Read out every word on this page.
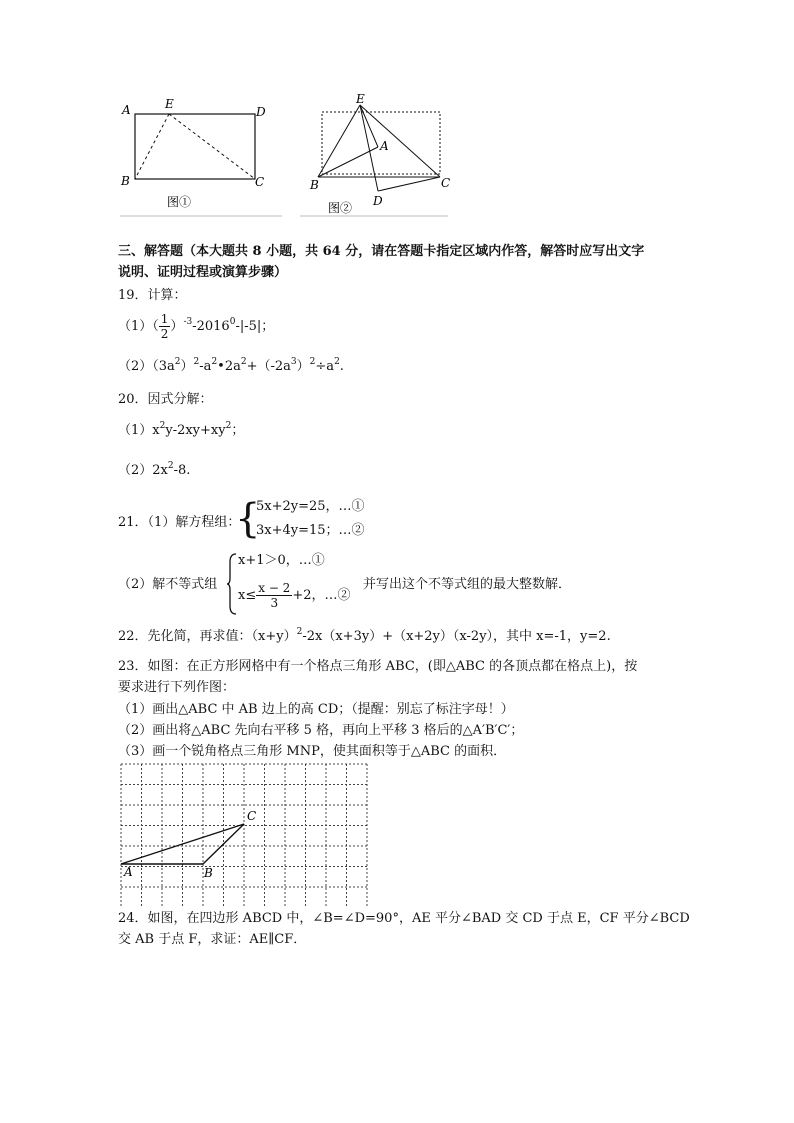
A	E
D
B	C
图①
E
A
B	C
D
图②
三、解答题（本大题共 8 小题，共 64 分，请在答题卡指定区域内作答，解答时应写出文字
说明、证明过程或演算步骤）
19．计算：
$(1)( \frac{1}{2} )^{-3}-2016^0-|-5|$；
$(2)(3a^2)^2-a^2•2a^2+(-2a^3)^2\div a^2$.
20．因式分解：
$(1)x^2y-2xy+xy^2$；
$(2)2x^2-8$.
21．（1）解方程组：
{
5x+2y=25，…①
3x+4y=15；…②
（2）解不等式组
x+1＞0，…①
$x\le \frac{x - 2}{3} +2$，…②
并写出这个不等式组的最大整数解．
22．先化简，再求值：$(x+y)^2-2x(x+3y)+(x+2y)(x-2y)$，其中 x=-1，y=2.
23．如图：在正方形网格中有一个格点三角形 ABC，(即△ABC 的各顶点都在格点上)，按
要求进行下列作图：
（1）画出△ABC 中 AB 边上的高 CD；（提醒：别忘了标注字母！）
（2）画出将△ABC 先向右平移 5 格，再向上平移 3 格后的△A′B′C′；
（3）画一个锐角格点三角形 MNP，使其面积等于△ABC 的面积．
A	B
C
24．如图，在四边形 ABCD 中，∠B=∠D=90°，AE 平分∠BAD 交 CD 于点 E，CF 平分∠BCD
交 AB 于点 F，求证：AE∥CF．
